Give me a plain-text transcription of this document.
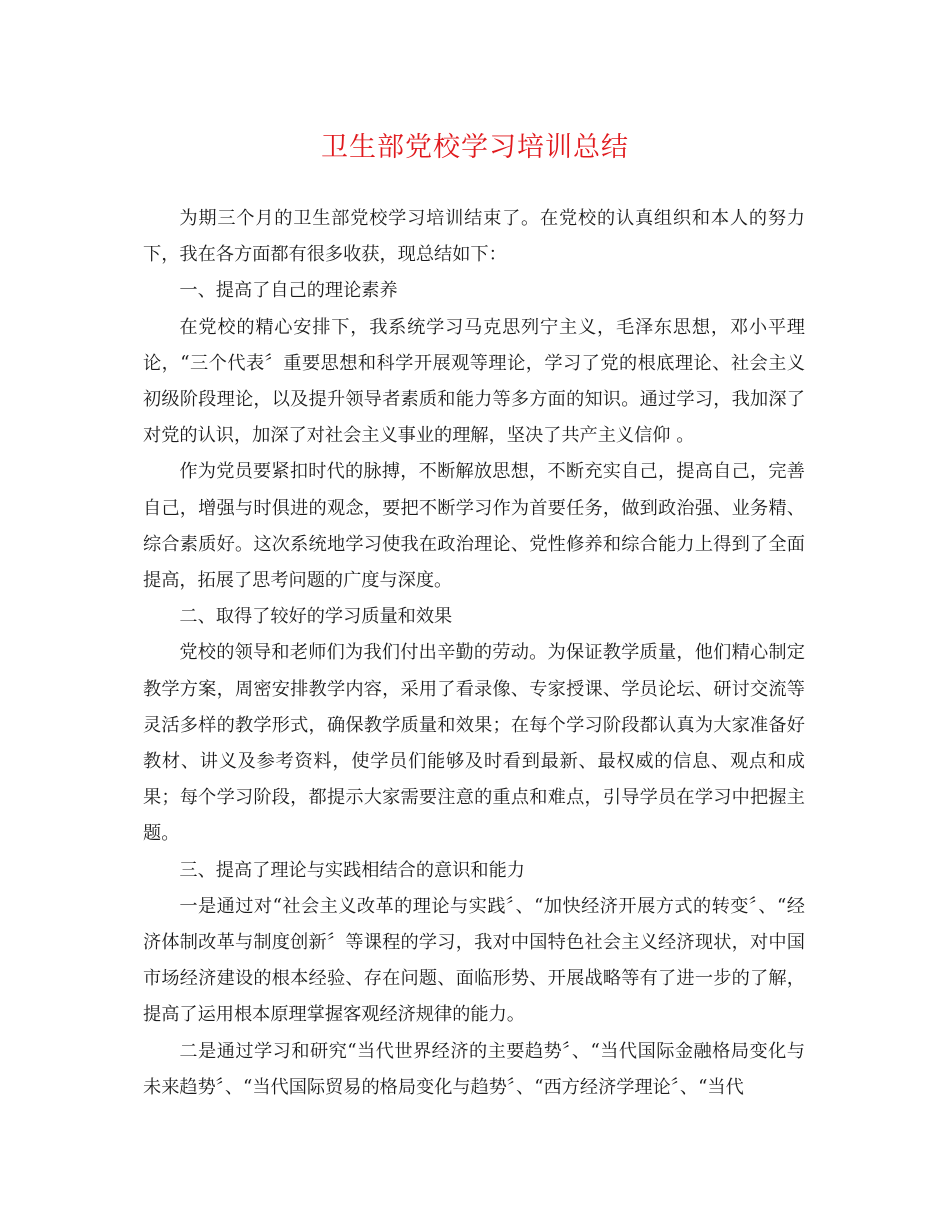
卫生部党校学习培训总结

为期三个月的卫生部党校学习培训结束了。在党校的认真组织和本人的努力下，我在各方面都有很多收获，现总结如下：

一、提高了自己的理论素养

在党校的精心安排下，我系统学习马克思列宁主义，毛泽东思想，邓小平理论，“三个代表〞重要思想和科学开展观等理论，学习了党的根底理论、社会主义初级阶段理论，以及提升领导者素质和能力等多方面的知识。通过学习，我加深了对党的认识，加深了对社会主义事业的理解，坚决了共产主义信仰 。

作为党员要紧扣时代的脉搏，不断解放思想，不断充实自己，提高自己，完善自己，增强与时俱进的观念，要把不断学习作为首要任务，做到政治强、业务精、综合素质好。这次系统地学习使我在政治理论、党性修养和综合能力上得到了全面提高，拓展了思考问题的广度与深度。

二、取得了较好的学习质量和效果

党校的领导和老师们为我们付出辛勤的劳动。为保证教学质量，他们精心制定教学方案，周密安排教学内容，采用了看录像、专家授课、学员论坛、研讨交流等灵活多样的教学形式，确保教学质量和效果；在每个学习阶段都认真为大家准备好教材、讲义及参考资料，使学员们能够及时看到最新、最权威的信息、观点和成果；每个学习阶段，都提示大家需要注意的重点和难点，引导学员在学习中把握主题。

三、提高了理论与实践相结合的意识和能力

一是通过对“社会主义改革的理论与实践〞、“加快经济开展方式的转变〞、“经济体制改革与制度创新〞等课程的学习，我对中国特色社会主义经济现状，对中国市场经济建设的根本经验、存在问题、面临形势、开展战略等有了进一步的了解，提高了运用根本原理掌握客观经济规律的能力。

二是通过学习和研究“当代世界经济的主要趋势〞、“当代国际金融格局变化与未来趋势〞、“当代国际贸易的格局变化与趋势〞、“西方经济学理论〞、“当代
